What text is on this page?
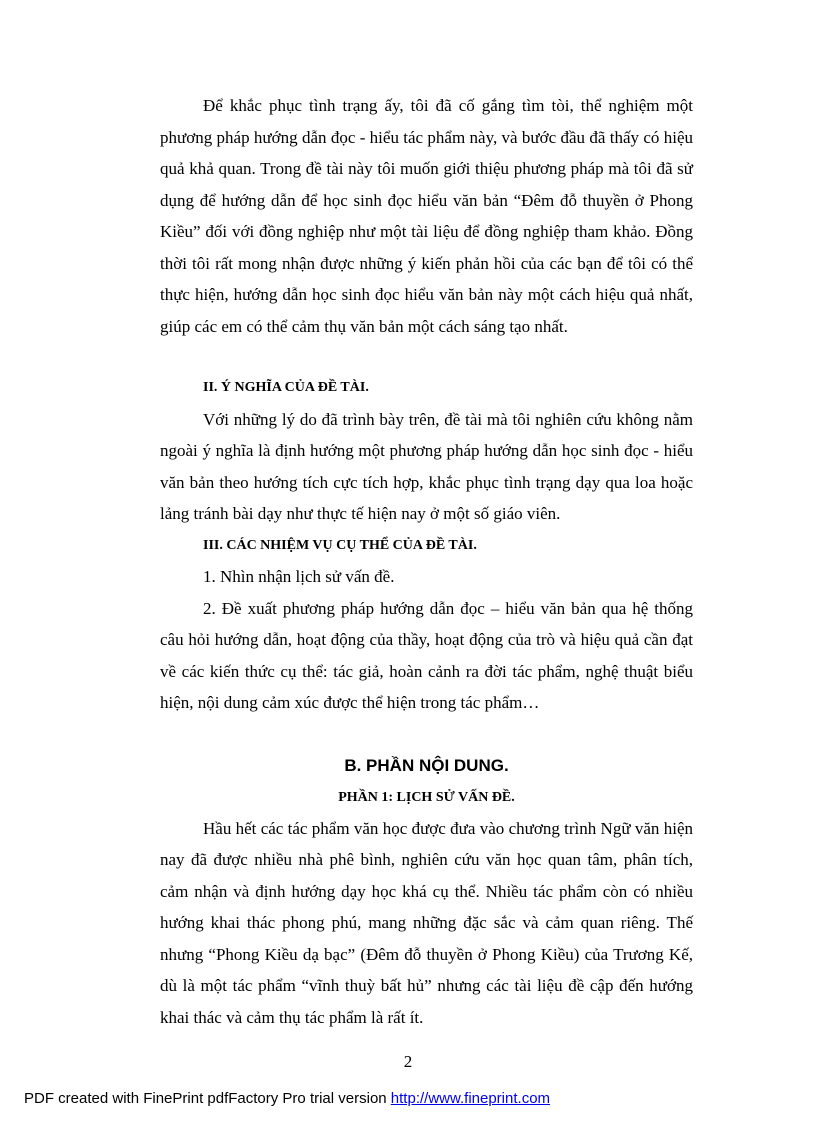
Để khắc phục tình trạng ấy, tôi đã cố gắng tìm tòi, thể nghiệm một phương pháp hướng dẫn đọc - hiểu tác phẩm này, và bước đầu đã thấy có hiệu quả khả quan. Trong đề tài này tôi muốn giới thiệu phương pháp mà tôi đã sử dụng để hướng dẫn để học sinh đọc hiểu văn bản “Đêm đỗ thuyền ở Phong Kiều” đối với đồng nghiệp như một tài liệu để đồng nghiệp tham khảo. Đồng thời tôi rất mong nhận được những ý kiến phản hồi của các bạn để tôi có thể thực hiện, hướng dẫn học sinh đọc hiểu văn bản này một cách hiệu quả nhất, giúp các em có thể cảm thụ văn bản một cách sáng tạo nhất.

II. Ý NGHĨA CỦA ĐỀ TÀI.

Với những lý do đã trình bày trên, đề tài mà tôi nghiên cứu không nằm ngoài ý nghĩa là định hướng một phương pháp hướng dẫn học sinh đọc - hiểu văn bản theo hướng tích cực tích hợp, khắc phục tình trạng dạy qua loa hoặc lảng tránh bài dạy như thực tế hiện nay ở một số giáo viên.

III. CÁC NHIỆM VỤ CỤ THỂ CỦA ĐỀ TÀI.

1. Nhìn nhận lịch sử vấn đề.

2. Đề xuất phương pháp hướng dẫn đọc – hiểu văn bản qua hệ thống câu hỏi hướng dẫn, hoạt động của thầy, hoạt động của trò và hiệu quả cần đạt về các kiến thức cụ thể: tác giả, hoàn cảnh ra đời tác phẩm, nghệ thuật biểu hiện, nội dung cảm xúc được thể hiện trong tác phẩm…

B. PHẦN NỘI DUNG.
PHẦN 1: LỊCH SỬ VẤN ĐỀ.

Hầu hết các tác phẩm văn học được đưa vào chương trình Ngữ văn hiện nay đã được nhiều nhà phê bình, nghiên cứu văn học quan tâm, phân tích, cảm nhận và định hướng dạy học khá cụ thể. Nhiều tác phẩm còn có nhiều hướng khai thác phong phú, mang những đặc sắc và cảm quan riêng. Thế nhưng “Phong Kiều dạ bạc” (Đêm đỗ thuyền ở Phong Kiều) của Trương Kế, dù là một tác phẩm “vĩnh thuỳ bất hủ” nhưng các tài liệu đề cập đến hướng khai thác và cảm thụ tác phẩm là rất ít.

2
PDF created with FinePrint pdfFactory Pro trial version http://www.fineprint.com
